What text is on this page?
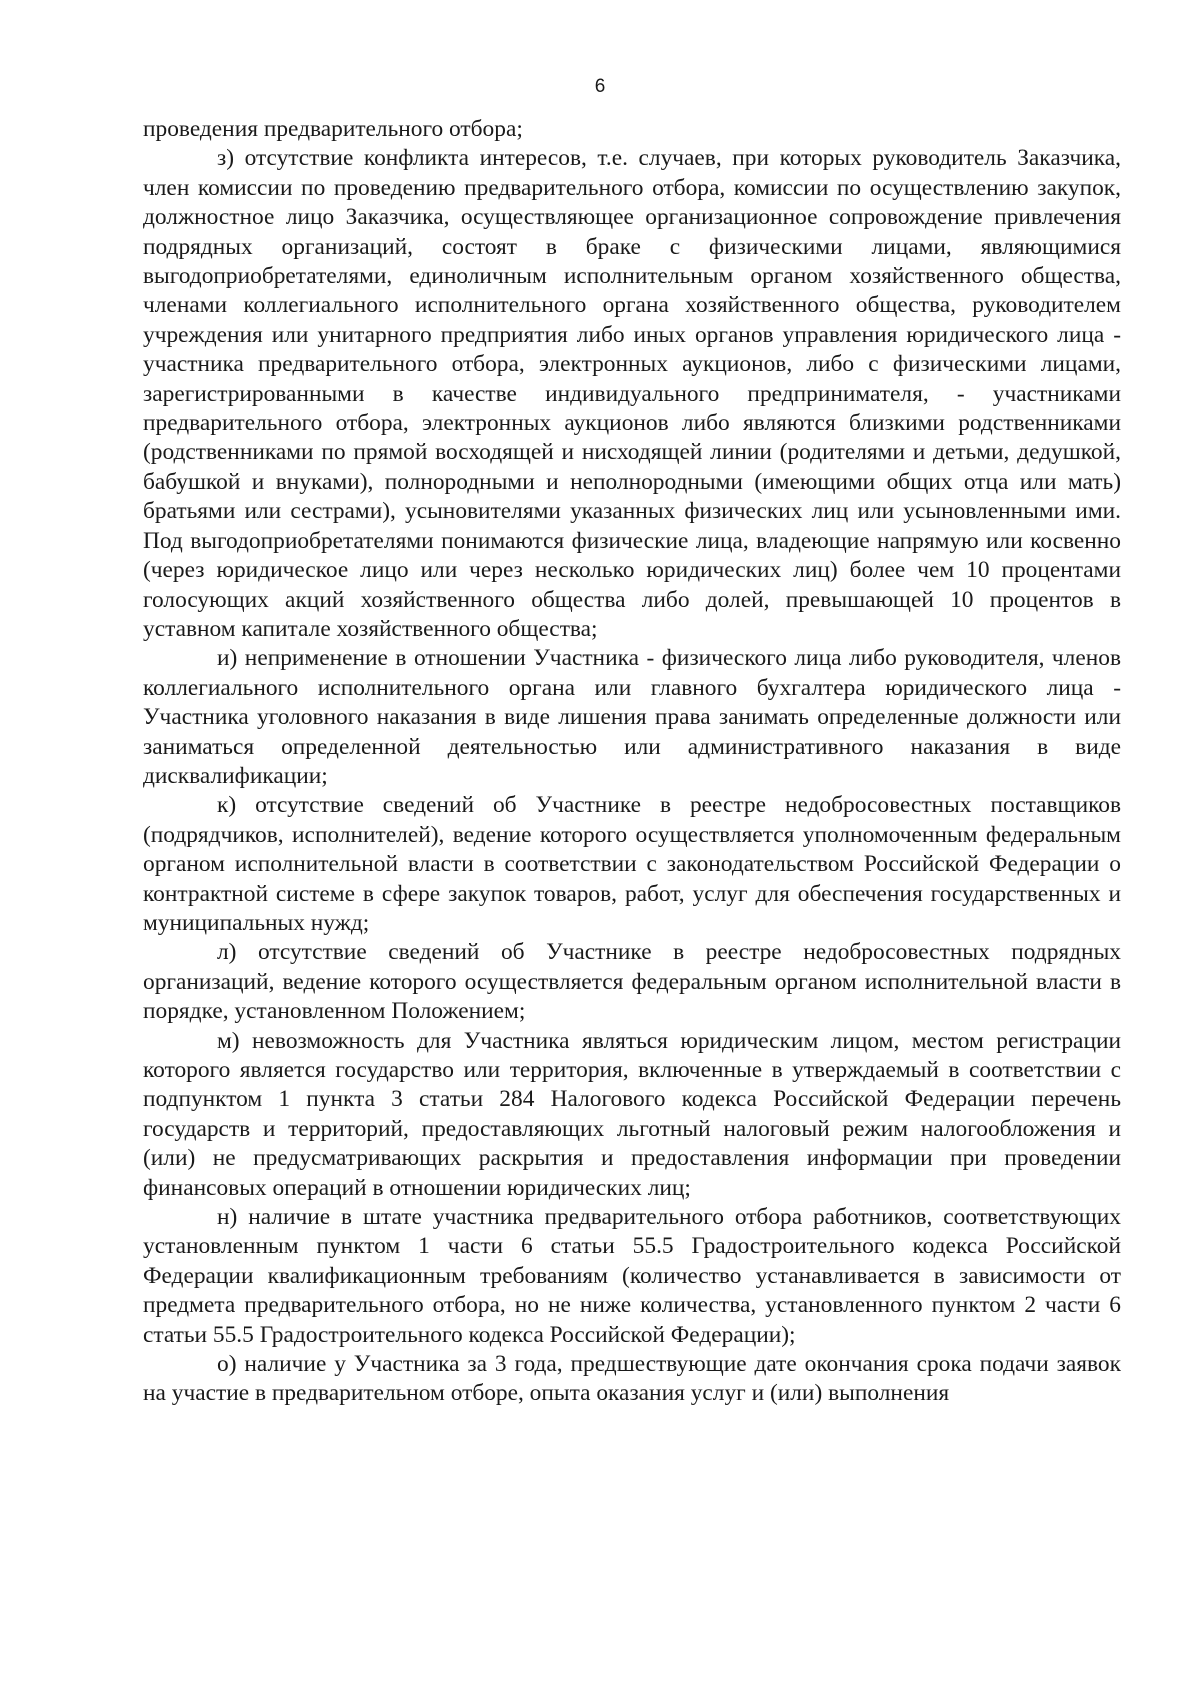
6

проведения предварительного отбора;

з) отсутствие конфликта интересов, т.е. случаев, при которых руководитель Заказчика, член комиссии по проведению предварительного отбора, комиссии по осуществлению закупок, должностное лицо Заказчика, осуществляющее организационное сопровождение привлечения подрядных организаций, состоят в браке с физическими лицами, являющимися выгодоприобретателями, единоличным исполнительным органом хозяйственного общества, членами коллегиального исполнительного органа хозяйственного общества, руководителем учреждения или унитарного предприятия либо иных органов управления юридического лица - участника предварительного отбора, электронных аукционов, либо с физическими лицами, зарегистрированными в качестве индивидуального предпринимателя, - участниками предварительного отбора, электронных аукционов либо являются близкими родственниками (родственниками по прямой восходящей и нисходящей линии (родителями и детьми, дедушкой, бабушкой и внуками), полнородными и неполнородными (имеющими общих отца или мать) братьями или сестрами), усыновителями указанных физических лиц или усыновленными ими. Под выгодоприобретателями понимаются физические лица, владеющие напрямую или косвенно (через юридическое лицо или через несколько юридических лиц) более чем 10 процентами голосующих акций хозяйственного общества либо долей, превышающей 10 процентов в уставном капитале хозяйственного общества;

и) неприменение в отношении Участника - физического лица либо руководителя, членов коллегиального исполнительного органа или главного бухгалтера юридического лица - Участника уголовного наказания в виде лишения права занимать определенные должности или заниматься определенной деятельностью или административного наказания в виде дисквалификации;

к) отсутствие сведений об Участнике в реестре недобросовестных поставщиков (подрядчиков, исполнителей), ведение которого осуществляется уполномоченным федеральным органом исполнительной власти в соответствии с законодательством Российской Федерации о контрактной системе в сфере закупок товаров, работ, услуг для обеспечения государственных и муниципальных нужд;

л) отсутствие сведений об Участнике в реестре недобросовестных подрядных организаций, ведение которого осуществляется федеральным органом исполнительной власти в порядке, установленном Положением;

м) невозможность для Участника являться юридическим лицом, местом регистрации которого является государство или территория, включенные в утверждаемый в соответствии с подпунктом 1 пункта 3 статьи 284 Налогового кодекса Российской Федерации перечень государств и территорий, предоставляющих льготный налоговый режим налогообложения и (или) не предусматривающих раскрытия и предоставления информации при проведении финансовых операций в отношении юридических лиц;

н) наличие в штате участника предварительного отбора работников, соответствующих установленным пунктом 1 части 6 статьи 55.5 Градостроительного кодекса Российской Федерации квалификационным требованиям (количество устанавливается в зависимости от предмета предварительного отбора, но не ниже количества, установленного пунктом 2 части 6 статьи 55.5 Градостроительного кодекса Российской Федерации);

о) наличие у Участника за 3 года, предшествующие дате окончания срока подачи заявок на участие в предварительном отборе, опыта оказания услуг и (или) выполнения
